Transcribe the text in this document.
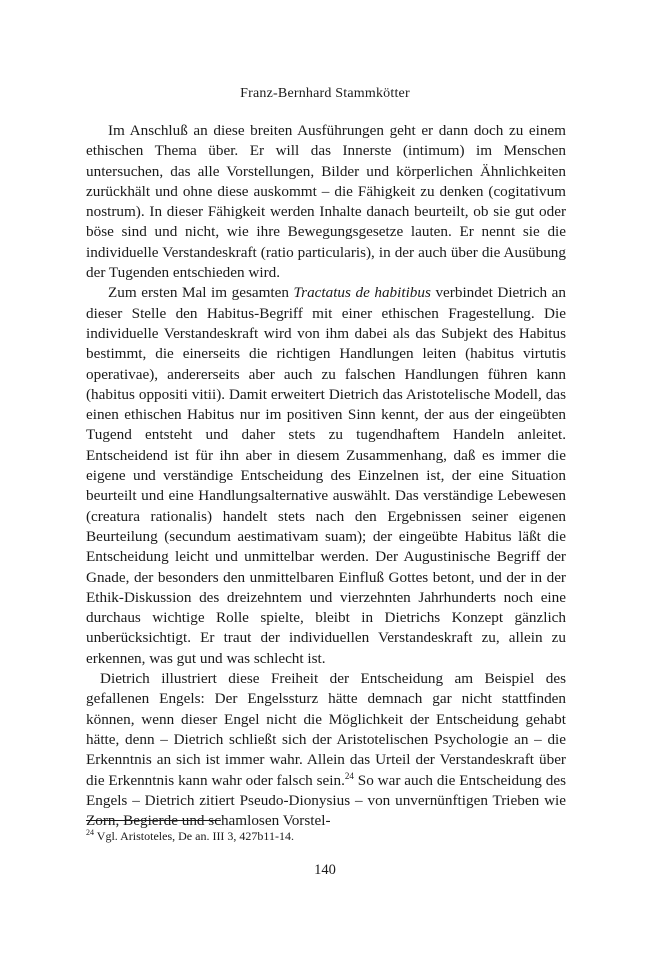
Franz-Bernhard Stammkötter

Im Anschluß an diese breiten Ausführungen geht er dann doch zu einem ethischen Thema über. Er will das Innerste (intimum) im Menschen untersuchen, das alle Vorstellungen, Bilder und körperlichen Ähnlichkeiten zurückhält und ohne diese auskommt – die Fähigkeit zu denken (cogitativum nostrum). In dieser Fähigkeit werden Inhalte danach beurteilt, ob sie gut oder böse sind und nicht, wie ihre Bewegungsgesetze lauten. Er nennt sie die individuelle Verstandeskraft (ratio particularis), in der auch über die Ausübung der Tugenden entschieden wird.

Zum ersten Mal im gesamten Tractatus de habitibus verbindet Dietrich an dieser Stelle den Habitus-Begriff mit einer ethischen Fragestellung. Die individuelle Verstandeskraft wird von ihm dabei als das Subjekt des Habitus bestimmt, die einerseits die richtigen Handlungen leiten (habitus virtutis operativae), andererseits aber auch zu falschen Handlungen führen kann (habitus oppositi vitii). Damit erweitert Dietrich das Aristotelische Modell, das einen ethischen Habitus nur im positiven Sinn kennt, der aus der eingeübten Tugend entsteht und daher stets zu tugendhaftem Handeln anleitet. Entscheidend ist für ihn aber in diesem Zusammenhang, daß es immer die eigene und verständige Entscheidung des Einzelnen ist, der eine Situation beurteilt und eine Handlungsalternative auswählt. Das verständige Lebewesen (creatura rationalis) handelt stets nach den Ergebnissen seiner eigenen Beurteilung (secundum aestimativam suam); der eingeübte Habitus läßt die Entscheidung leicht und unmittelbar werden. Der Augustinische Begriff der Gnade, der besonders den unmittelbaren Einfluß Gottes betont, und der in der Ethik-Diskussion des dreizehntem und vierzehnten Jahrhunderts noch eine durchaus wichtige Rolle spielte, bleibt in Dietrichs Konzept gänzlich unberücksichtigt. Er traut der individuellen Verstandeskraft zu, allein zu erkennen, was gut und was schlecht ist.

Dietrich illustriert diese Freiheit der Entscheidung am Beispiel des gefallenen Engels: Der Engelssturz hätte demnach gar nicht stattfinden können, wenn dieser Engel nicht die Möglichkeit der Entscheidung gehabt hätte, denn – Dietrich schließt sich der Aristotelischen Psychologie an – die Erkenntnis an sich ist immer wahr. Allein das Urteil der Verstandeskraft über die Erkenntnis kann wahr oder falsch sein.$^{24}$ So war auch die Entscheidung des Engels – Dietrich zitiert Pseudo-Dionysius – von unvernünftigen Trieben wie Zorn, Begierde und schamlosen Vorstel-

$^{24}$ Vgl. Aristoteles, De an. III 3, 427b11-14.
140
